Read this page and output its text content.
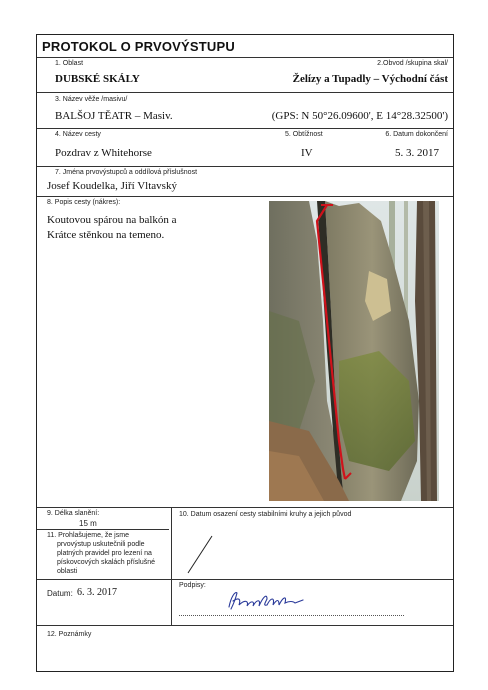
PROTOKOL O PRVOVÝSTUPU
1. Oblast
DUBSKÉ SKÁLY
2.Obvod /skupina skal/
Želízy a Tupadly – Východní část
3. Název věže /masivu/
BALŠOJ TĚATR – Masiv.	(GPS: N 50°26.09600', E 14°28.32500')
4. Název cesty
Pozdrav z Whitehorse
5. Obtížnost
IV
6. Datum dokončení
5. 3. 2017
7. Jména prvovýstupců a oddílová příslušnost
Josef Koudelka, Jiří Vltavský
8. Popis cesty (nákres):
Koutovou spárou na balkón a
Krátce stěnkou na temeno.
9. Délka slanění:
15 m
10. Datum osazení cesty stabilními kruhy a jejich původ
11. Prohlašujeme, že jsme
prvovýstup uskutečnili podle
platných pravidel pro lezení na
pískovcových skalách příslušné
oblasti
Datum: 6. 3. 2017
Podpisy:
12. Poznámky
